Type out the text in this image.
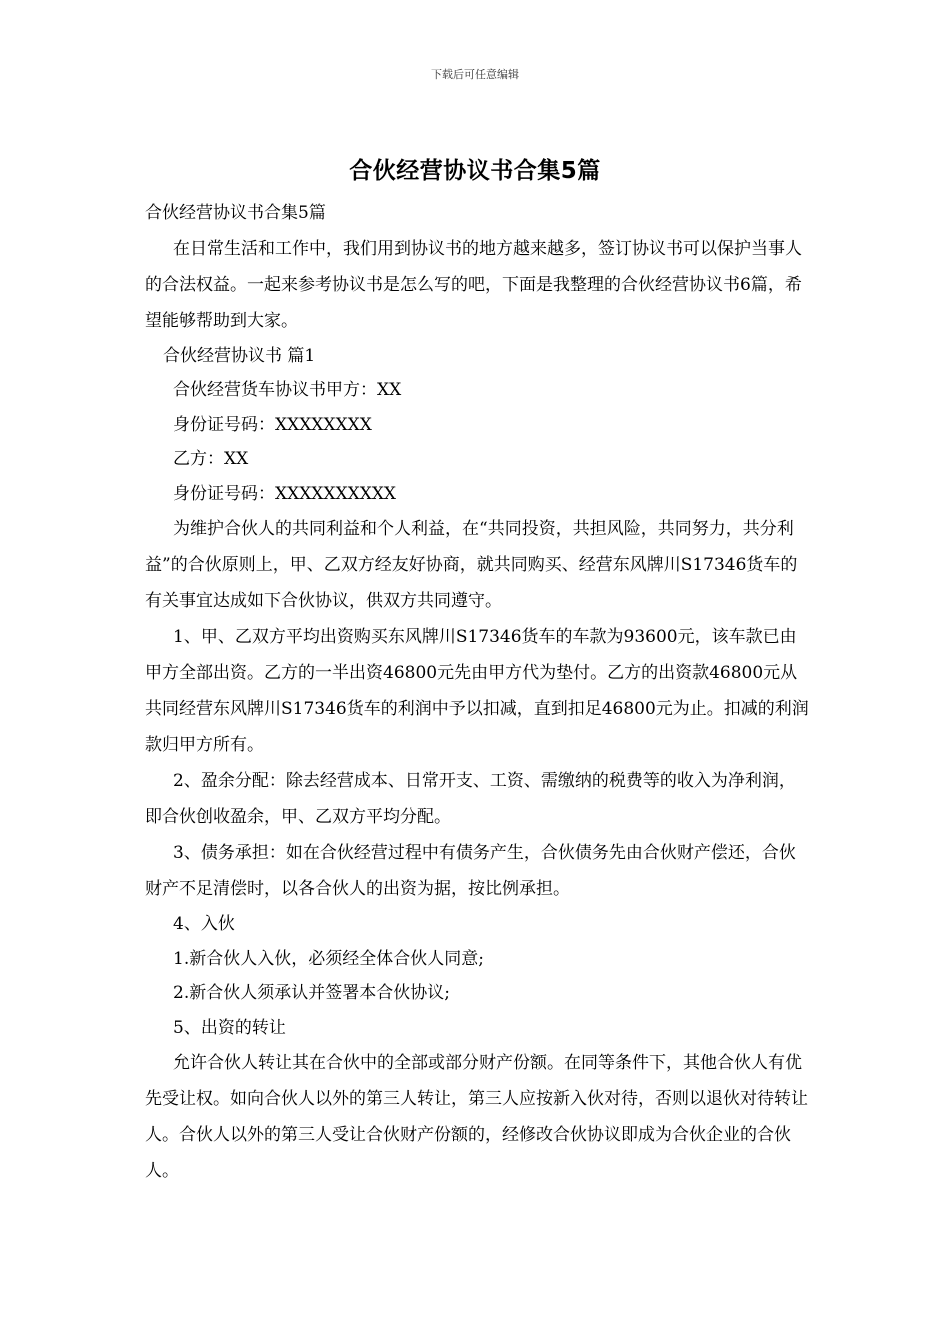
下载后可任意编辑
合伙经营协议书合集5篇

合伙经营协议书合集5篇

在日常生活和工作中，我们用到协议书的地方越来越多，签订协议书可以保护当事人的合法权益。一起来参考协议书是怎么写的吧，下面是我整理的合伙经营协议书6篇，希望能够帮助到大家。

合伙经营协议书 篇1

合伙经营货车协议书甲方：XX

身份证号码：XXXXXXXX

乙方：XX

身份证号码：XXXXXXXXXX

为维护合伙人的共同利益和个人利益，在“共同投资，共担风险，共同努力，共分利益”的合伙原则上，甲、乙双方经友好协商，就共同购买、经营东风牌川S17346货车的有关事宜达成如下合伙协议，供双方共同遵守。

1、甲、乙双方平均出资购买东风牌川S17346货车的车款为93600元，该车款已由甲方全部出资。乙方的一半出资46800元先由甲方代为垫付。乙方的出资款46800元从共同经营东风牌川S17346货车的利润中予以扣减，直到扣足46800元为止。扣减的利润款归甲方所有。

2、盈余分配：除去经营成本、日常开支、工资、需缴纳的税费等的收入为净利润，即合伙创收盈余，甲、乙双方平均分配。

3、债务承担：如在合伙经营过程中有债务产生，合伙债务先由合伙财产偿还，合伙财产不足清偿时，以各合伙人的出资为据，按比例承担。

4、入伙

1.新合伙人入伙，必须经全体合伙人同意;

2.新合伙人须承认并签署本合伙协议;

5、出资的转让

允许合伙人转让其在合伙中的全部或部分财产份额。在同等条件下，其他合伙人有优先受让权。如向合伙人以外的第三人转让，第三人应按新入伙对待，否则以退伙对待转让人。合伙人以外的第三人受让合伙财产份额的，经修改合伙协议即成为合伙企业的合伙人。
